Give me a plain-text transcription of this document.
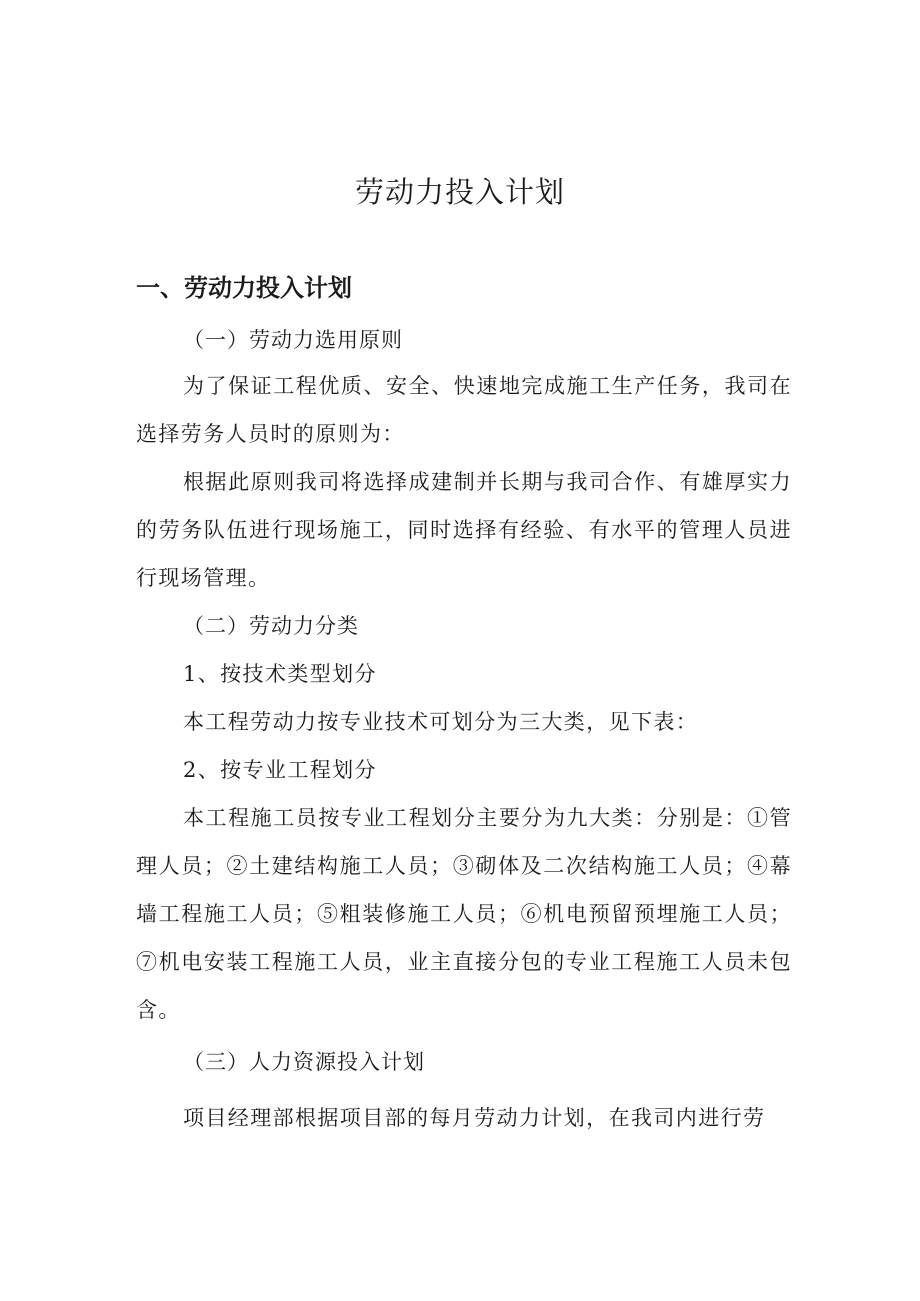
劳动力投入计划
一、劳动力投入计划

（一）劳动力选用原则

为了保证工程优质、安全、快速地完成施工生产任务，我司在选择劳务人员时的原则为：

根据此原则我司将选择成建制并长期与我司合作、有雄厚实力的劳务队伍进行现场施工，同时选择有经验、有水平的管理人员进行现场管理。

（二）劳动力分类

1、按技术类型划分

本工程劳动力按专业技术可划分为三大类，见下表：

2、按专业工程划分

本工程施工员按专业工程划分主要分为九大类：分别是：①管理人员；②土建结构施工人员；③砌体及二次结构施工人员；④幕墙工程施工人员；⑤粗装修施工人员；⑥机电预留预埋施工人员；⑦机电安装工程施工人员，业主直接分包的专业工程施工人员未包含。

（三）人力资源投入计划

项目经理部根据项目部的每月劳动力计划，在我司内进行劳
